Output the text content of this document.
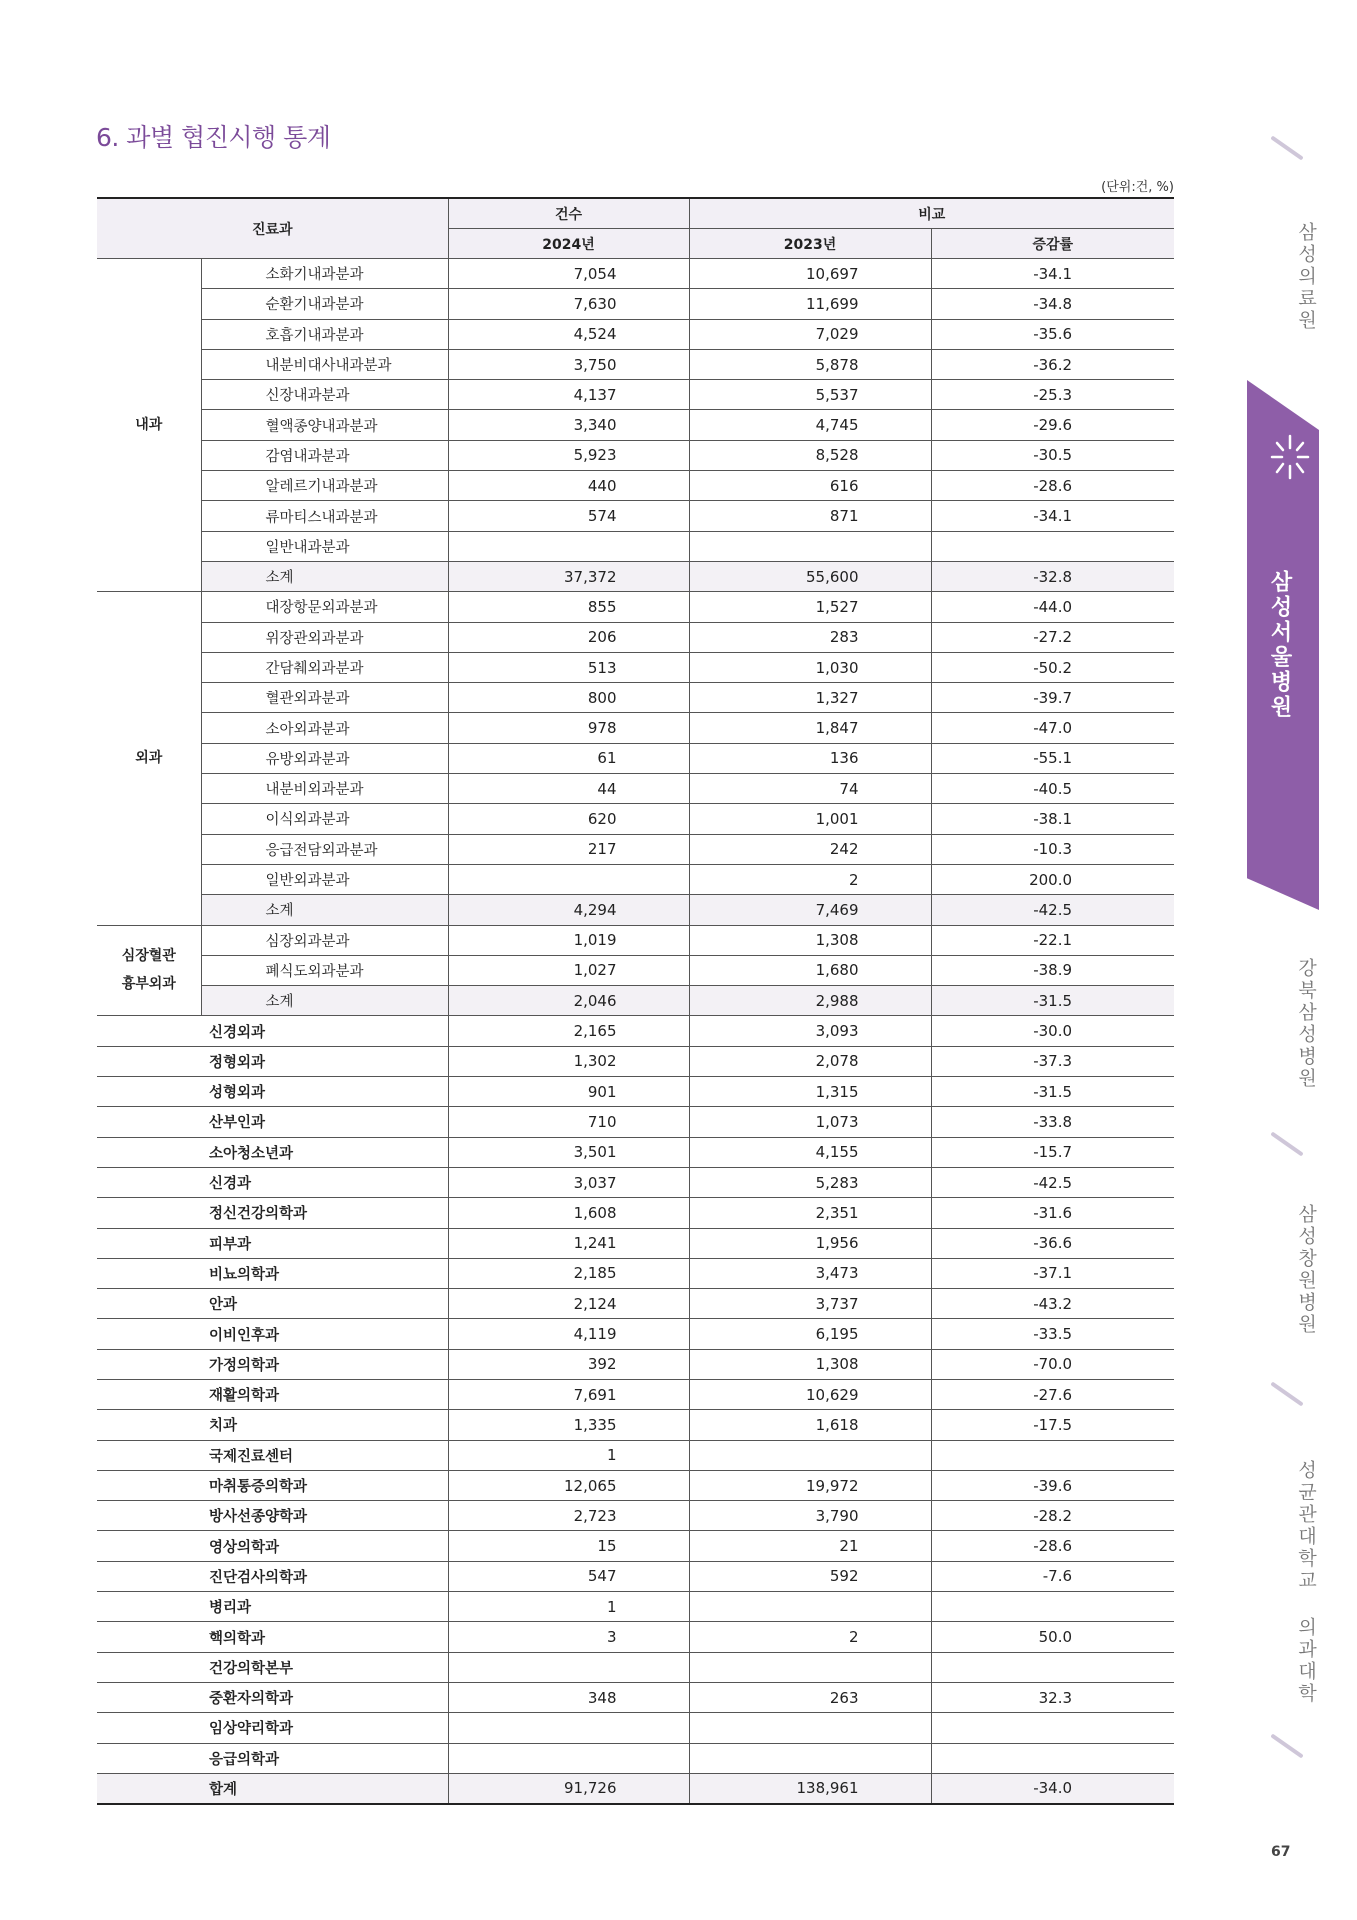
6. 과별 협진시행 통계
(단위:건, %)
진료과		건수	비교	
		2024년	2023년	증감률

내과	소화기내과분과	7,054	10,697	-34.1
	순환기내과분과	7,630	11,699	-34.8
	호흡기내과분과	4,524	7,029	-35.6
	내분비대사내과분과	3,750	5,878	-36.2
	신장내과분과	4,137	5,537	-25.3
	혈액종양내과분과	3,340	4,745	-29.6
	감염내과분과	5,923	8,528	-30.5
	알레르기내과분과	440	616	-28.6
	류마티스내과분과	574	871	-34.1
	일반내과분과			
	소계	37,372	55,600	-32.8

외과	대장항문외과분과	855	1,527	-44.0
	위장관외과분과	206	283	-27.2
	간담췌외과분과	513	1,030	-50.2
	혈관외과분과	800	1,327	-39.7
	소아외과분과	978	1,847	-47.0
	유방외과분과	61	136	-55.1
	내분비외과분과	44	74	-40.5
	이식외과분과	620	1,001	-38.1
	응급전담외과분과	217	242	-10.3
	일반외과분과		2	200.0
	소계	4,294	7,469	-42.5

심장혈관
흉부외과	심장외과분과	1,019	1,308	-22.1
	폐식도외과분과	1,027	1,680	-38.9
	소계	2,046	2,988	-31.5
신경외과		2,165	3,093	-30.0
정형외과		1,302	2,078	-37.3
성형외과		901	1,315	-31.5
산부인과		710	1,073	-33.8
소아청소년과		3,501	4,155	-15.7
신경과		3,037	5,283	-42.5
정신건강의학과		1,608	2,351	-31.6
피부과		1,241	1,956	-36.6
비뇨의학과		2,185	3,473	-37.1
안과		2,124	3,737	-43.2
이비인후과		4,119	6,195	-33.5
가정의학과		392	1,308	-70.0
재활의학과		7,691	10,629	-27.6
치과		1,335	1,618	-17.5
국제진료센터		1		
마취통증의학과		12,065	19,972	-39.6
방사선종양학과		2,723	3,790	-28.2
영상의학과		15	21	-28.6
진단검사의학과		547	592	-7.6
병리과		1		
핵의학과		3	2	50.0
건강의학본부				
중환자의학과		348	263	32.3
임상약리학과				
응급의학과				
합계		91,726	138,961	-34.0
삼성의료원
삼성서울병원
강북삼성병원
삼성창원병원
성균관대학교 의과대학
67
